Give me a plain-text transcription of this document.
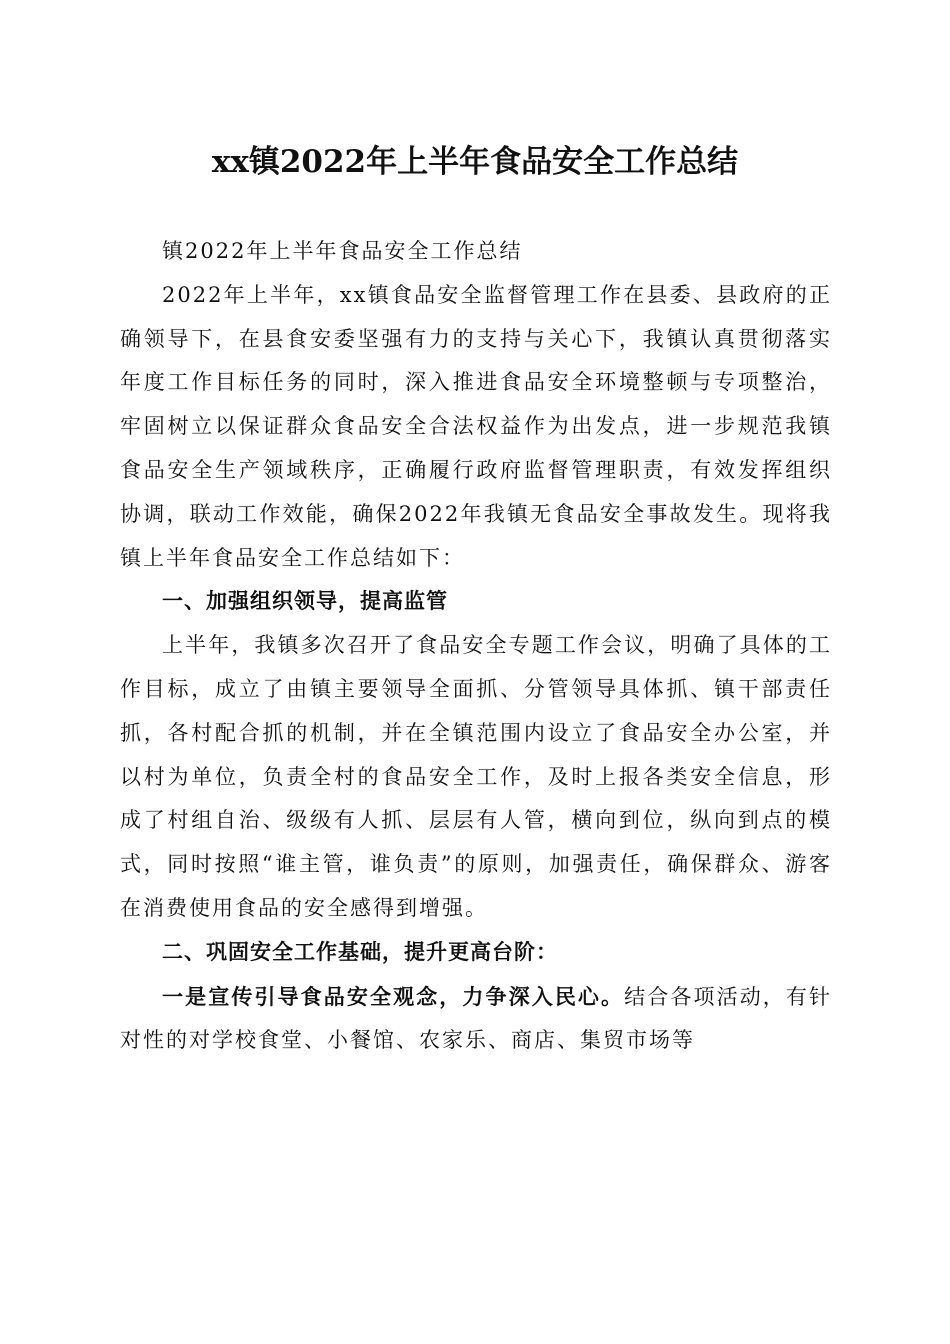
xx镇2022年上半年食品安全工作总结

镇2022年上半年食品安全工作总结

2022年上半年，xx镇食品安全监督管理工作在县委、县政府的正确领导下，在县食安委坚强有力的支持与关心下，我镇认真贯彻落实年度工作目标任务的同时，深入推进食品安全环境整顿与专项整治，牢固树立以保证群众食品安全合法权益作为出发点，进一步规范我镇食品安全生产领域秩序，正确履行政府监督管理职责，有效发挥组织协调，联动工作效能，确保2022年我镇无食品安全事故发生。现将我镇上半年食品安全工作总结如下：

一、加强组织领导，提高监管

上半年，我镇多次召开了食品安全专题工作会议，明确了具体的工作目标，成立了由镇主要领导全面抓、分管领导具体抓、镇干部责任抓，各村配合抓的机制，并在全镇范围内设立了食品安全办公室，并以村为单位，负责全村的食品安全工作，及时上报各类安全信息，形成了村组自治、级级有人抓、层层有人管，横向到位，纵向到点的模式，同时按照“谁主管，谁负责”的原则，加强责任，确保群众、游客在消费使用食品的安全感得到增强。

二、巩固安全工作基础，提升更高台阶：

一是宣传引导食品安全观念，力争深入民心。结合各项活动，有针对性的对学校食堂、小餐馆、农家乐、商店、集贸市场等
